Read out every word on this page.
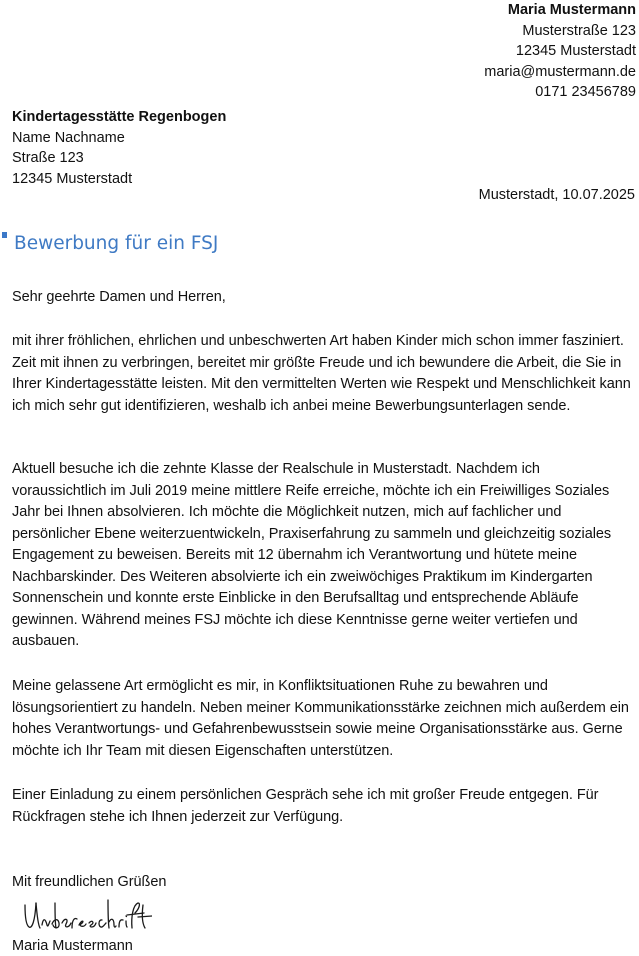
Maria Mustermann
Musterstraße 123
12345 Musterstadt
maria@mustermann.de
0171 23456789
Kindertagesstätte Regenbogen
Name Nachname
Straße 123
12345 Musterstadt
Musterstadt, 10.07.2025
Bewerbung für ein FSJ
Sehr geehrte Damen und Herren,
mit ihrer fröhlichen, ehrlichen und unbeschwerten Art haben Kinder mich schon immer fasziniert. Zeit mit ihnen zu verbringen, bereitet mir größte Freude und ich bewundere die Arbeit, die Sie in Ihrer Kindertagesstätte leisten. Mit den vermittelten Werten wie Respekt und Menschlichkeit kann ich mich sehr gut identifizieren, weshalb ich anbei meine Bewerbungsunterlagen sende.
Aktuell besuche ich die zehnte Klasse der Realschule in Musterstadt. Nachdem ich voraussichtlich im Juli 2019 meine mittlere Reife erreiche, möchte ich ein Freiwilliges Soziales Jahr bei Ihnen absolvieren. Ich möchte die Möglichkeit nutzen, mich auf fachlicher und persönlicher Ebene weiterzuentwickeln, Praxiserfahrung zu sammeln und gleichzeitig soziales Engagement zu beweisen. Bereits mit 12 übernahm ich Verantwortung und hütete meine Nachbarskinder. Des Weiteren absolvierte ich ein zweiwöchiges Praktikum im Kindergarten Sonnenschein und konnte erste Einblicke in den Berufsalltag und entsprechende Abläufe gewinnen. Während meines FSJ möchte ich diese Kenntnisse gerne weiter vertiefen und ausbauen.
Meine gelassene Art ermöglicht es mir, in Konfliktsituationen Ruhe zu bewahren und lösungsorientiert zu handeln. Neben meiner Kommunikationsstärke zeichnen mich außerdem ein hohes Verantwortungs- und Gefahrenbewusstsein sowie meine Organisationsstärke aus. Gerne möchte ich Ihr Team mit diesen Eigenschaften unterstützen.
Einer Einladung zu einem persönlichen Gespräch sehe ich mit großer Freude entgegen. Für Rückfragen stehe ich Ihnen jederzeit zur Verfügung.
Mit freundlichen Grüßen
Maria Mustermann
